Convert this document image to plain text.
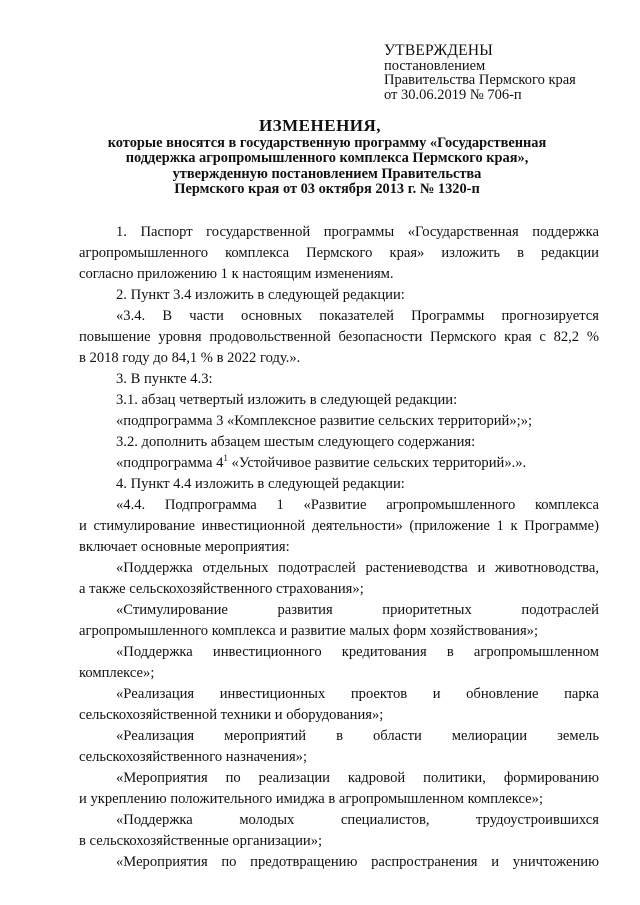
УТВЕРЖДЕНЫ
постановлением
Правительства Пермского края
от 30.06.2019 № 706-п
ИЗМЕНЕНИЯ,
которые вносятся в государственную программу «Государственная
поддержка агропромышленного комплекса Пермского края»,
утвержденную постановлением Правительства
Пермского края от 03 октября 2013 г. № 1320-п
1. Паспорт государственной программы «Государственная поддержка
агропромышленного комплекса Пермского края» изложить в редакции
согласно приложению 1 к настоящим изменениям.
2. Пункт 3.4 изложить в следующей редакции:
«3.4. В части основных показателей Программы прогнозируется
повышение уровня продовольственной безопасности Пермского края с 82,2 %
в 2018 году до 84,1 % в 2022 году.».
3. В пункте 4.3:
3.1. абзац четвертый изложить в следующей редакции:
«подпрограмма 3 «Комплексное развитие сельских территорий»;»;
3.2. дополнить абзацем шестым следующего содержания:
«подпрограмма $4^1$ «Устойчивое развитие сельских территорий».».
4. Пункт 4.4 изложить в следующей редакции:
«4.4. Подпрограмма 1 «Развитие агропромышленного комплекса
и стимулирование инвестиционной деятельности» (приложение 1 к Программе)
включает основные мероприятия:
«Поддержка отдельных подотраслей растениеводства и животноводства,
а также сельскохозяйственного страхования»;
«Стимулирование развития приоритетных подотраслей
агропромышленного комплекса и развитие малых форм хозяйствования»;
«Поддержка инвестиционного кредитования в агропромышленном
комплексе»;
«Реализация инвестиционных проектов и обновление парка
сельскохозяйственной техники и оборудования»;
«Реализация мероприятий в области мелиорации земель
сельскохозяйственного назначения»;
«Мероприятия по реализации кадровой политики, формированию
и укреплению положительного имиджа в агропромышленном комплексе»;
«Поддержка молодых специалистов, трудоустроившихся
в сельскохозяйственные организации»;
«Мероприятия по предотвращению распространения и уничтожению
